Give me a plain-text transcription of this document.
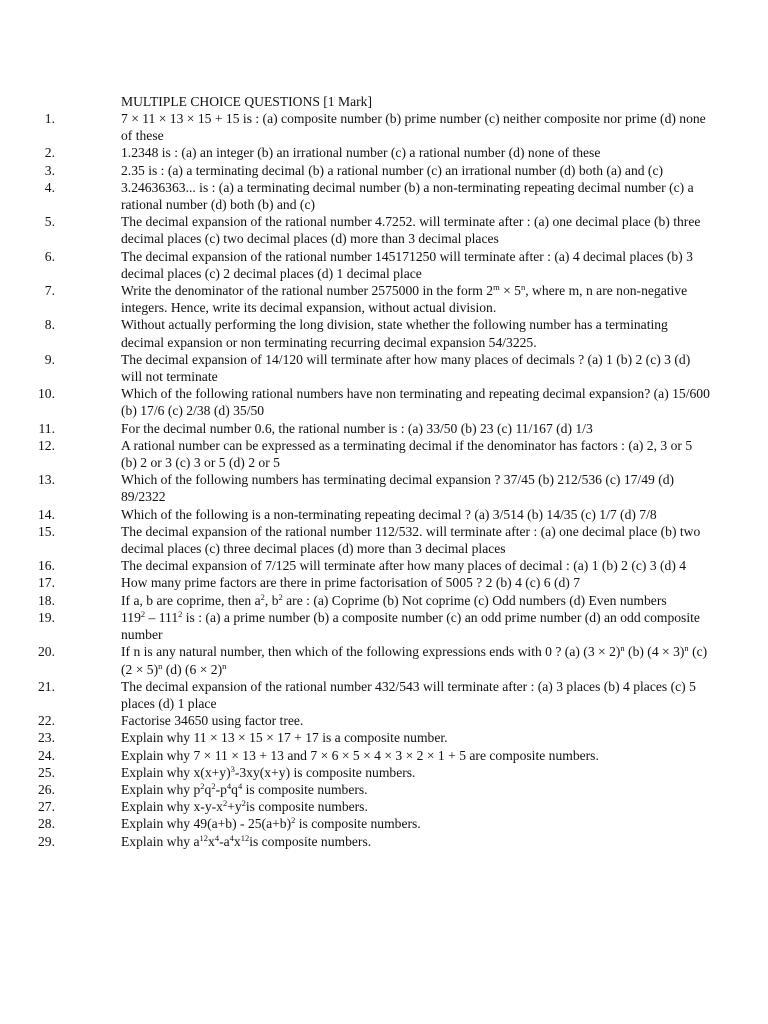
MULTIPLE CHOICE QUESTIONS [1 Mark]
1.	7 × 11 × 13 × 15 + 15 is : (a) composite number (b) prime number (c) neither composite nor prime (d) none of these
2.	1.2348 is : (a) an integer (b) an irrational number (c) a rational number (d) none of these
3.	2.35 is : (a) a terminating decimal (b) a rational number (c) an irrational number (d) both (a) and (c)
4.	3.24636363... is : (a) a terminating decimal number (b) a non-terminating repeating decimal number (c) a rational number (d) both (b) and (c)
5.	The decimal expansion of the rational number 4.7252. will terminate after : (a) one decimal place (b) three decimal places (c) two decimal places (d) more than 3 decimal places
6.	The decimal expansion of the rational number 145171250 will terminate after : (a) 4 decimal places (b) 3 decimal places (c) 2 decimal places (d) 1 decimal place
7.	Write the denominator of the rational number 2575000 in the form $2^m \times 5^n$, where m, n are non-negative integers. Hence, write its decimal expansion, without actual division.
8.	Without actually performing the long division, state whether the following number has a terminating decimal expansion or non terminating recurring decimal expansion 54/3225.
9.	The decimal expansion of 14/120 will terminate after how many places of decimals ? (a) 1 (b) 2 (c) 3 (d) will not terminate
10.	Which of the following rational numbers have non terminating and repeating decimal expansion? (a) 15/600 (b) 17/6 (c) 2/38 (d) 35/50
11.	For the decimal number 0.6, the rational number is : (a) 33/50 (b) 23 (c) 11/167 (d) 1/3
12.	A rational number can be expressed as a terminating decimal if the denominator has factors : (a) 2, 3 or 5 (b) 2 or 3 (c) 3 or 5 (d) 2 or 5
13.	Which of the following numbers has terminating decimal expansion ? 37/45 (b) 212/536 (c) 17/49 (d) 89/2322
14.	Which of the following is a non-terminating repeating decimal ? (a) 3/514 (b) 14/35 (c) 1/7 (d) 7/8
15.	The decimal expansion of the rational number 112/532. will terminate after : (a) one decimal place (b) two decimal places (c) three decimal places (d) more than 3 decimal places
16.	The decimal expansion of 7/125 will terminate after how many places of decimal : (a) 1 (b) 2 (c) 3 (d) 4
17.	How many prime factors are there in prime factorisation of 5005 ? 2 (b) 4 (c) 6 (d) 7
18.	If a, b are coprime, then $a^2$, $b^2$ are : (a) Coprime (b) Not coprime (c) Odd numbers (d) Even numbers
19.	$119^2 - 111^2$ is : (a) a prime number (b) a composite number (c) an odd prime number (d) an odd composite number
20.	If n is any natural number, then which of the following expressions ends with 0 ? (a) $(3 \times 2)^n$ (b) $(4 \times 3)^n$ (c) $(2 \times 5)^n$ (d) $(6 \times 2)^n$
21.	The decimal expansion of the rational number 432/543 will terminate after : (a) 3 places (b) 4 places (c) 5 places (d) 1 place
22.	Factorise 34650 using factor tree.
23.	Explain why 11 × 13 × 15 × 17 + 17 is a composite number.
24.	Explain why 7 × 11 × 13 + 13 and 7 × 6 × 5 × 4 × 3 × 2 × 1 + 5 are composite numbers.
25.	Explain why $x(x+y)^3-3xy(x+y)$ is composite numbers.
26.	Explain why $p^2q^2-p^4q^4$ is composite numbers.
27.	Explain why $x-y-x^2+y^2is$ composite numbers.
28.	Explain why $49(a+b) - 25(a+b)^2$ is composite numbers.
29.	Explain why $a^{12}x^4-a^4x^{12}is$ composite numbers.
